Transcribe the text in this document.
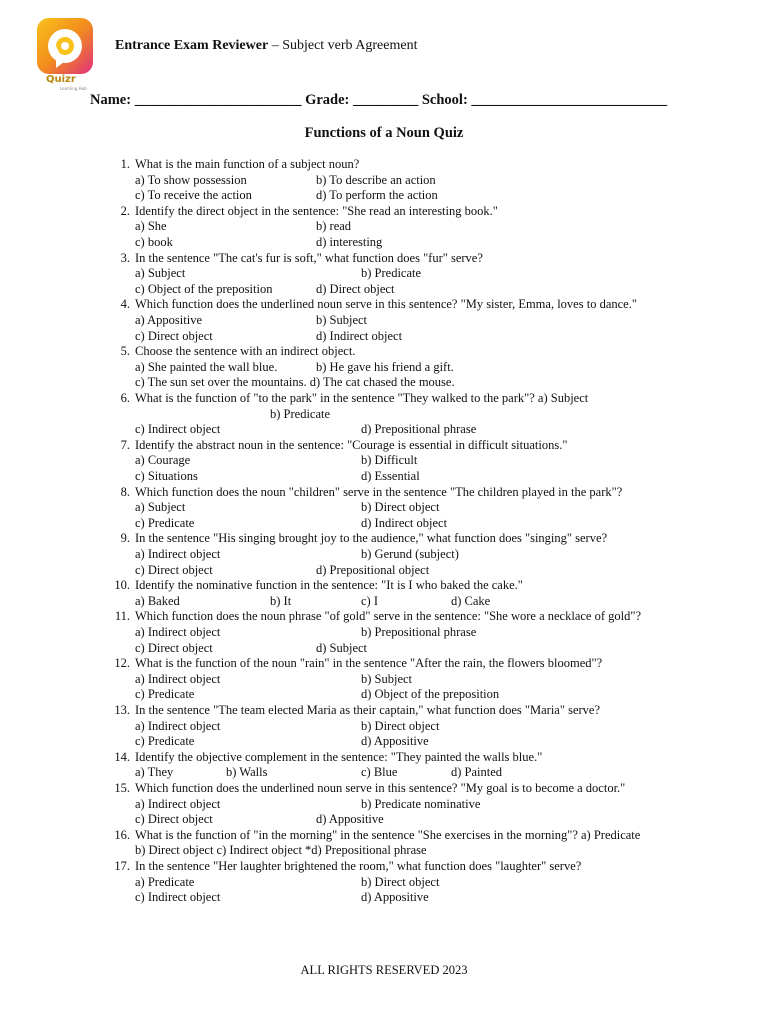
Quizr
Learning Hub
Entrance Exam Reviewer – Subject verb Agreement
Name: _______________________ Grade: _________ School: ___________________________
Functions of a Noun Quiz
1. What is the main function of a subject noun?
a) To show possession	b) To describe an action
c) To receive the action	d) To perform the action
2. Identify the direct object in the sentence: "She read an interesting book."
a) She	b) read
c) book	d) interesting
3. In the sentence "The cat's fur is soft," what function does "fur" serve?
a) Subject	b) Predicate
c) Object of the preposition	d) Direct object
4. Which function does the underlined noun serve in this sentence? "My sister, Emma, loves to dance."
a) Appositive	b) Subject
c) Direct object	d) Indirect object
5. Choose the sentence with an indirect object.
a) She painted the wall blue.	b) He gave his friend a gift.
c) The sun set over the mountains. d) The cat chased the mouse.
6. What is the function of "to the park" in the sentence "They walked to the park"? a) Subject
b) Predicate
c) Indirect object	d) Prepositional phrase
7. Identify the abstract noun in the sentence: "Courage is essential in difficult situations."
a) Courage	b) Difficult
c) Situations	d) Essential
8. Which function does the noun "children" serve in the sentence "The children played in the park"?
a) Subject	b) Direct object
c) Predicate	d) Indirect object
9. In the sentence "His singing brought joy to the audience," what function does "singing" serve?
a) Indirect object	b) Gerund (subject)
c) Direct object	d) Prepositional object
10. Identify the nominative function in the sentence: "It is I who baked the cake."
a) Baked	b) It	c) I	d) Cake
11. Which function does the noun phrase "of gold" serve in the sentence: "She wore a necklace of gold"?
a) Indirect object	b) Prepositional phrase
c) Direct object	d) Subject
12. What is the function of the noun "rain" in the sentence "After the rain, the flowers bloomed"?
a) Indirect object	b) Subject
c) Predicate	d) Object of the preposition
13. In the sentence "The team elected Maria as their captain," what function does "Maria" serve?
a) Indirect object	b) Direct object
c) Predicate	d) Appositive
14. Identify the objective complement in the sentence: "They painted the walls blue."
a) They	b) Walls	c) Blue	d) Painted
15. Which function does the underlined noun serve in this sentence? "My goal is to become a doctor."
a) Indirect object	b) Predicate nominative
c) Direct object	d) Appositive
16. What is the function of "in the morning" in the sentence "She exercises in the morning"? a) Predicate
b) Direct object c) Indirect object *d) Prepositional phrase
17. In the sentence "Her laughter brightened the room," what function does "laughter" serve?
a) Predicate	b) Direct object
c) Indirect object	d) Appositive
ALL RIGHTS RESERVED 2023
